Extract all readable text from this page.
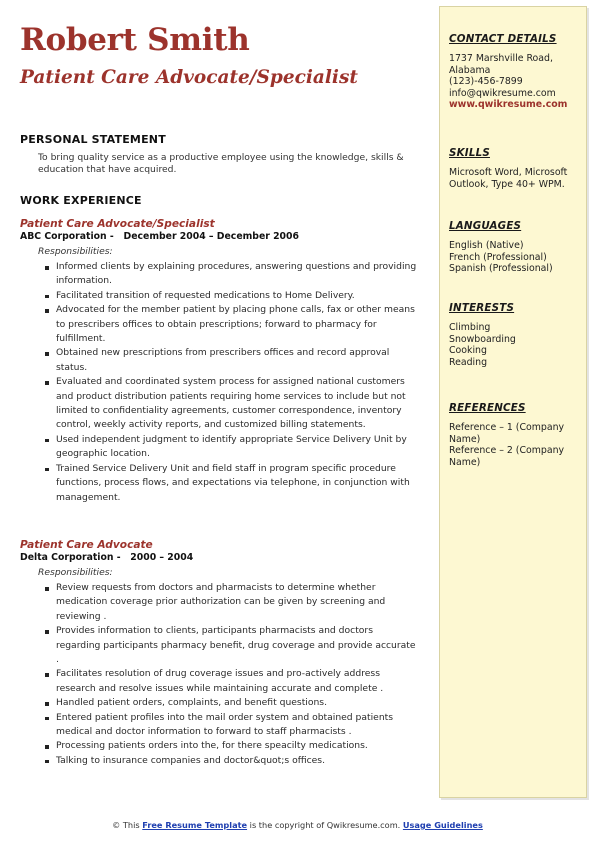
Robert Smith
Patient Care Advocate/Specialist
PERSONAL STATEMENT

To bring quality service as a productive employee using the knowledge, skills & education that have acquired.

WORK EXPERIENCE

Patient Care Advocate/Specialist

ABC Corporation -   December 2004 – December 2006

Responsibilities:

Informed clients by explaining procedures, answering questions and providing information.
Facilitated transition of requested medications to Home Delivery.
Advocated for the member patient by placing phone calls, fax or other means to prescribers offices to obtain prescriptions; forward to pharmacy for fulfillment.
Obtained new prescriptions from prescribers offices and record approval status.
Evaluated and coordinated system process for assigned national customers and product distribution patients requiring home services to include but not limited to confidentiality agreements, customer correspondence, inventory control, weekly activity reports, and customized billing statements.
Used independent judgment to identify appropriate Service Delivery Unit by geographic location.
Trained Service Delivery Unit and field staff in program specific procedure functions, process flows, and expectations via telephone, in conjunction with management.

Patient Care Advocate

Delta Corporation -   2000 – 2004

Responsibilities:

Review requests from doctors and pharmacists to determine whether medication coverage prior authorization can be given by screening and reviewing .
Provides information to clients, participants pharmacists and doctors regarding participants pharmacy benefit, drug coverage and provide accurate .
Facilitates resolution of drug coverage issues and pro-actively address research and resolve issues while maintaining accurate and complete .
Handled patient orders, complaints, and benefit questions.
Entered patient profiles into the mail order system and obtained patients medical and doctor information to forward to staff pharmacists .
Processing patients orders into the, for there speacilty medications.
Talking to insurance companies and doctor&quot;s offices.

CONTACT DETAILS

1737 Marshville Road,

Alabama

(123)-456-7899

info@qwikresume.com

www.qwikresume.com

SKILLS

Microsoft Word, Microsoft

Outlook, Type 40+ WPM.

LANGUAGES

English (Native)

French (Professional)

Spanish (Professional)

INTERESTS

Climbing

Snowboarding

Cooking

Reading

REFERENCES

Reference – 1 (Company

Name)

Reference – 2 (Company

Name)

© This Free Resume Template is the copyright of Qwikresume.com. Usage Guidelines
